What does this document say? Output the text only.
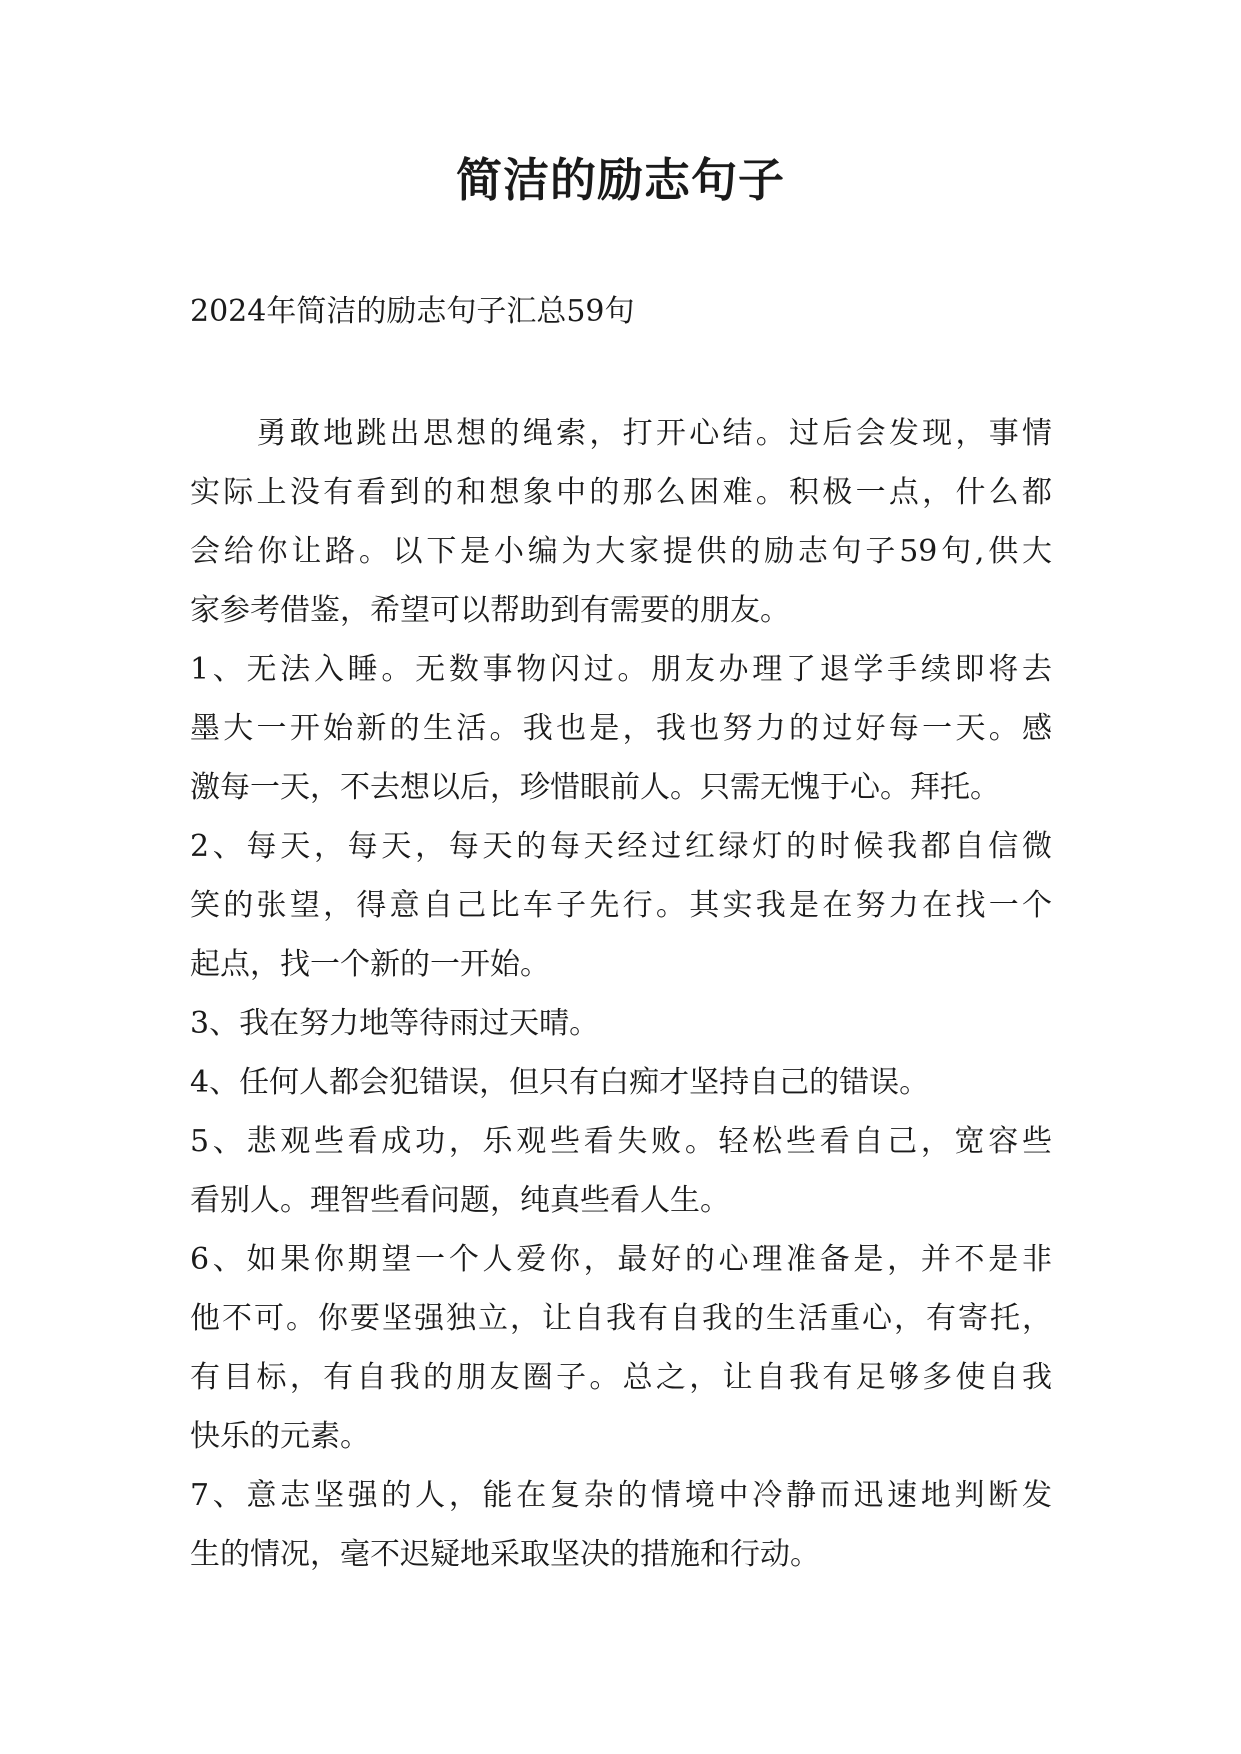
简洁的励志句子

2024年简洁的励志句子汇总59句

　　勇敢地跳出思想的绳索，打开心结。过后会发现，事情

实际上没有看到的和想象中的那么困难。积极一点，什么都

会给你让路。以下是小编为大家提供的励志句子59句,供大

家参考借鉴，希望可以帮助到有需要的朋友。

1、无法入睡。无数事物闪过。朋友办理了退学手续即将去

墨大一开始新的生活。我也是，我也努力的过好每一天。感

激每一天，不去想以后，珍惜眼前人。只需无愧于心。拜托。

2、每天，每天，每天的每天经过红绿灯的时候我都自信微

笑的张望，得意自己比车子先行。其实我是在努力在找一个

起点，找一个新的一开始。

3、我在努力地等待雨过天晴。

4、任何人都会犯错误，但只有白痴才坚持自己的错误。

5、悲观些看成功，乐观些看失败。轻松些看自己，宽容些

看别人。理智些看问题，纯真些看人生。

6、如果你期望一个人爱你，最好的心理准备是，并不是非

他不可。你要坚强独立，让自我有自我的生活重心，有寄托，

有目标，有自我的朋友圈子。总之，让自我有足够多使自我

快乐的元素。

7、意志坚强的人，能在复杂的情境中冷静而迅速地判断发

生的情况，毫不迟疑地采取坚决的措施和行动。
